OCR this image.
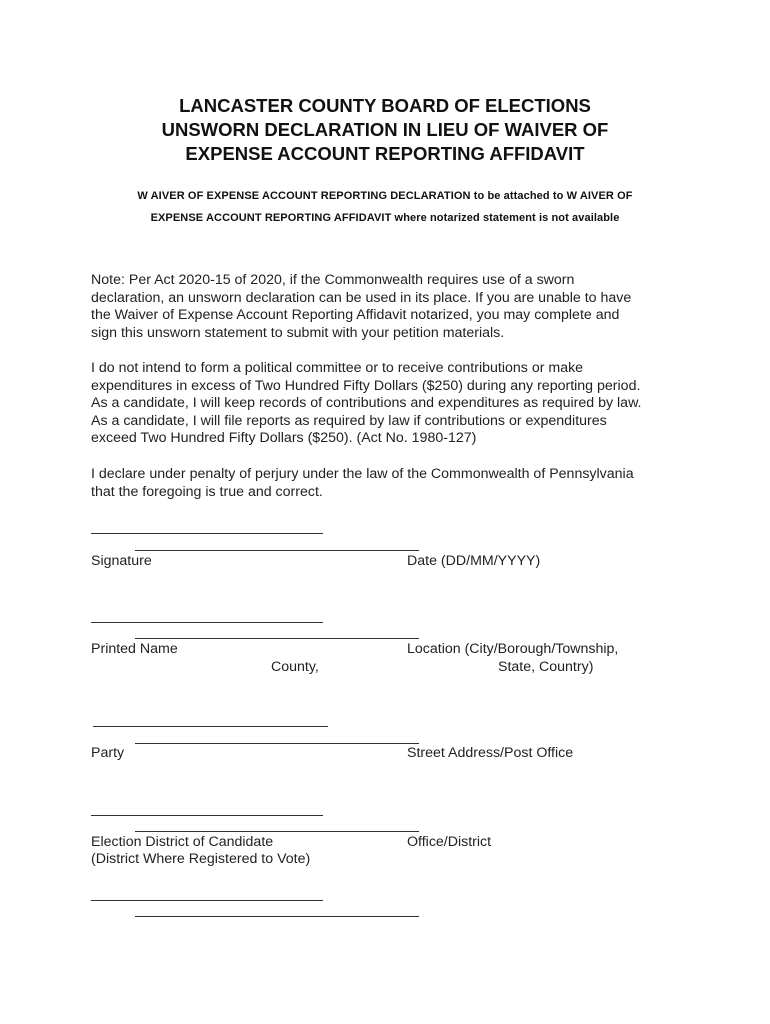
LANCASTER COUNTY BOARD OF ELECTIONS
UNSWORN DECLARATION IN LIEU OF WAIVER OF
EXPENSE ACCOUNT REPORTING AFFIDAVIT
W AIVER OF EXPENSE ACCOUNT REPORTING DECLARATION to be attached to W AIVER OF
EXPENSE ACCOUNT REPORTING AFFIDAVIT where notarized statement is not available
Note: Per Act 2020-15 of 2020, if the Commonwealth requires use of a sworn
declaration, an unsworn declaration can be used in its place. If you are unable to have
the Waiver of Expense Account Reporting Affidavit notarized, you may complete and
sign this unsworn statement to submit with your petition materials.
I do not intend to form a political committee or to receive contributions or make
expenditures in excess of Two Hundred Fifty Dollars ($250) during any reporting period.
As a candidate, I will keep records of contributions and expenditures as required by law.
As a candidate, I will file reports as required by law if contributions or expenditures
exceed Two Hundred Fifty Dollars ($250). (Act No. 1980-127)
I declare under penalty of perjury under the law of the Commonwealth of Pennsylvania
that the foregoing is true and correct.
Signature	Date (DD/MM/YYYY)
Printed Name	Location (City/Borough/Township,
County,	State, Country)
Party	Street Address/Post Office
Election District of Candidate	Office/District
(District Where Registered to Vote)
